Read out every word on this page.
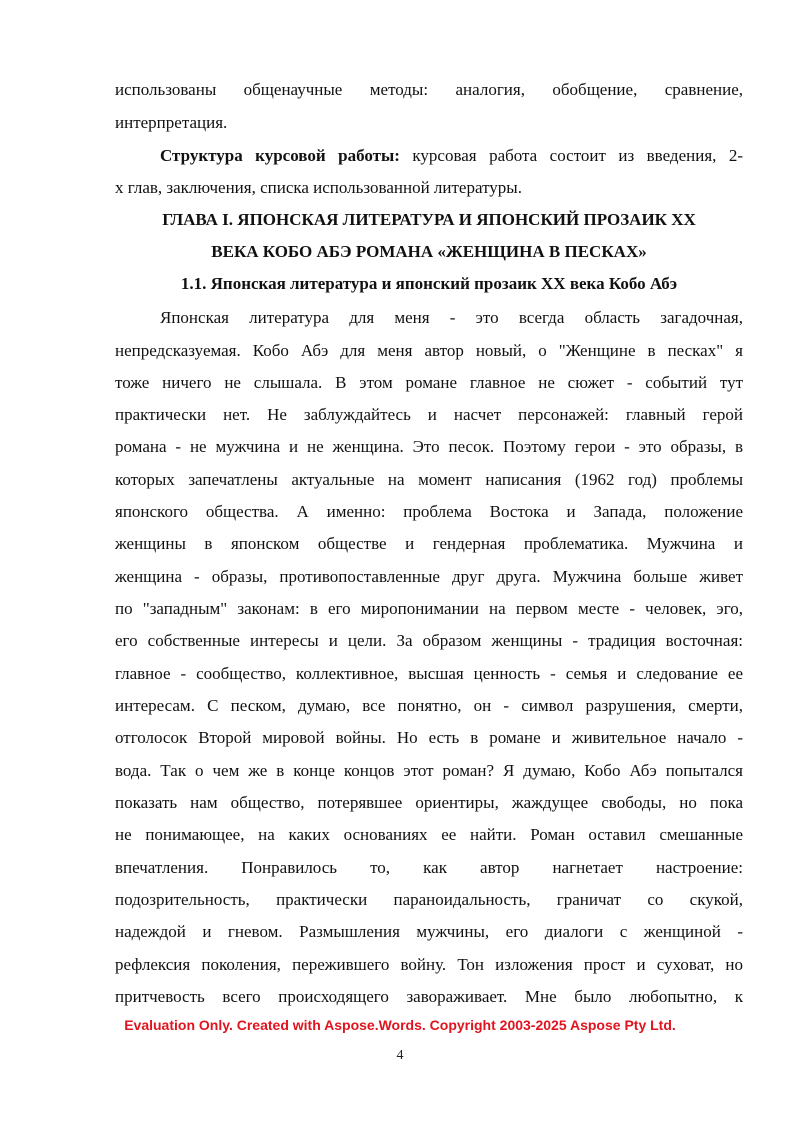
использованы общенаучные методы: аналогия, обобщение, сравнение,
интерпретация.
Структура курсовой работы: курсовая работа состоит из введения, 2-
х глав, заключения, списка использованной литературы.
ГЛАВА I. ЯПОНСКАЯ ЛИТЕРАТУРА И ЯПОНСКИЙ ПРОЗАИК ХХ
ВЕКА КОБО АБЭ РОМАНА «ЖЕНЩИНА В ПЕСКАХ»
1.1. Японская литература и японский прозаик ХХ века Кобо Абэ
Японская литература для меня - это всегда область загадочная,
непредсказуемая. Кобо Абэ для меня автор новый, о "Женщине в песках" я
тоже ничего не слышала. В этом романе главное не сюжет - событий тут
практически нет. Не заблуждайтесь и насчет персонажей: главный герой
романа - не мужчина и не женщина. Это песок. Поэтому герои - это образы, в
которых запечатлены актуальные на момент написания (1962 год) проблемы
японского общества. А именно: проблема Востока и Запада, положение
женщины в японском обществе и гендерная проблематика. Мужчина и
женщина - образы, противопоставленные друг друга. Мужчина больше живет
по "западным" законам: в его миропонимании на первом месте - человек, эго,
его собственные интересы и цели. За образом женщины - традиция восточная:
главное - сообщество, коллективное, высшая ценность - семья и следование ее
интересам. С песком, думаю, все понятно, он - символ разрушения, смерти,
отголосок Второй мировой войны. Но есть в романе и живительное начало -
вода. Так о чем же в конце концов этот роман? Я думаю, Кобо Абэ попытался
показать нам общество, потерявшее ориентиры, жаждущее свободы, но пока
не понимающее, на каких основаниях ее найти. Роман оставил смешанные
впечатления. Понравилось то, как автор нагнетает настроение:
подозрительность, практически параноидальность, граничат со скукой,
надеждой и гневом. Размышления мужчины, его диалоги с женщиной -
рефлексия поколения, пережившего войну. Тон изложения прост и суховат, но
притчевость всего происходящего завораживает. Мне было любопытно, к
Evaluation Only. Created with Aspose.Words. Copyright 2003-2025 Aspose Pty Ltd.
4
